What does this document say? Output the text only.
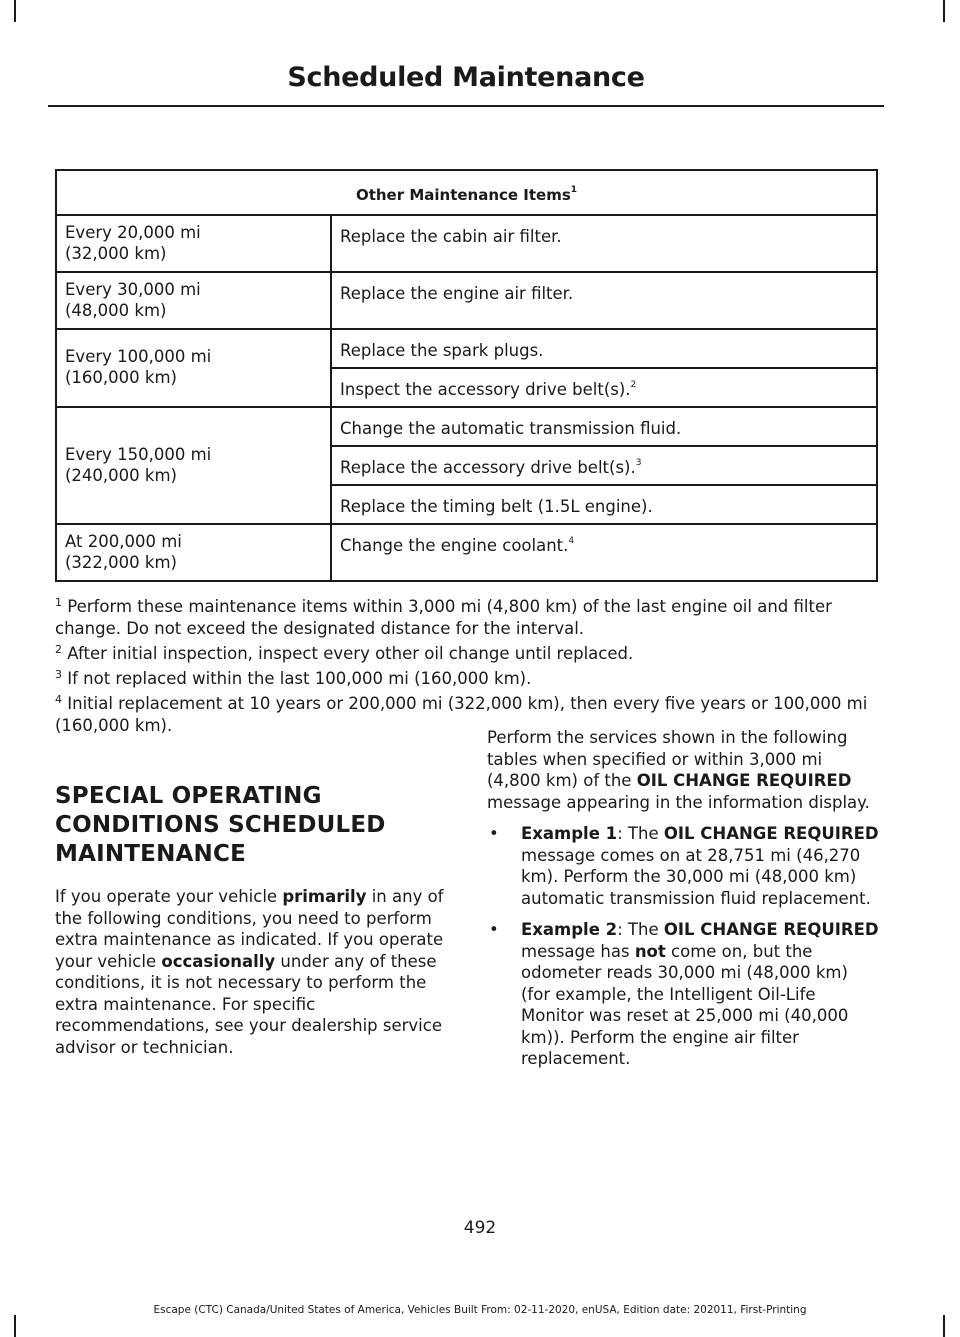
Scheduled Maintenance
Other Maintenance Items$^1$
Every 20,000 mi
(32,000 km)	Replace the cabin air filter.
Every 30,000 mi
(48,000 km)	Replace the engine air filter.
Every 100,000 mi
(160,000 km)	Replace the spark plugs.
	Inspect the accessory drive belt(s).$^2$
Every 150,000 mi
(240,000 km)	Change the automatic transmission fluid.
	Replace the accessory drive belt(s).$^3$
	Replace the timing belt (1.5L engine).
At 200,000 mi
(322,000 km)	Change the engine coolant.$^4$

$^1$ Perform these maintenance items within 3,000 mi (4,800 km) of the last engine oil and filter change. Do not exceed the designated distance for the interval.

$^2$ After initial inspection, inspect every other oil change until replaced.

$^3$ If not replaced within the last 100,000 mi (160,000 km).

$^4$ Initial replacement at 10 years or 200,000 mi (322,000 km), then every five years or 100,000 mi (160,000 km).

SPECIAL OPERATING
CONDITIONS SCHEDULED
MAINTENANCE

If you operate your vehicle primarily in any of the following conditions, you need to perform extra maintenance as indicated. If you operate your vehicle occasionally under any of these conditions, it is not necessary to perform the extra maintenance. For specific recommendations, see your dealership service advisor or technician.

Perform the services shown in the following tables when specified or within 3,000 mi (4,800 km) of the OIL CHANGE REQUIRED message appearing in the information display.

• Example 1: The OIL CHANGE REQUIRED message comes on at 28,751 mi (46,270 km). Perform the 30,000 mi (48,000 km) automatic transmission fluid replacement.
• Example 2: The OIL CHANGE REQUIRED message has not come on, but the odometer reads 30,000 mi (48,000 km) (for example, the Intelligent Oil-Life Monitor was reset at 25,000 mi (40,000 km)). Perform the engine air filter replacement.
492
Escape (CTC) Canada/United States of America, Vehicles Built From: 02-11-2020, enUSA, Edition date: 202011, First-Printing
